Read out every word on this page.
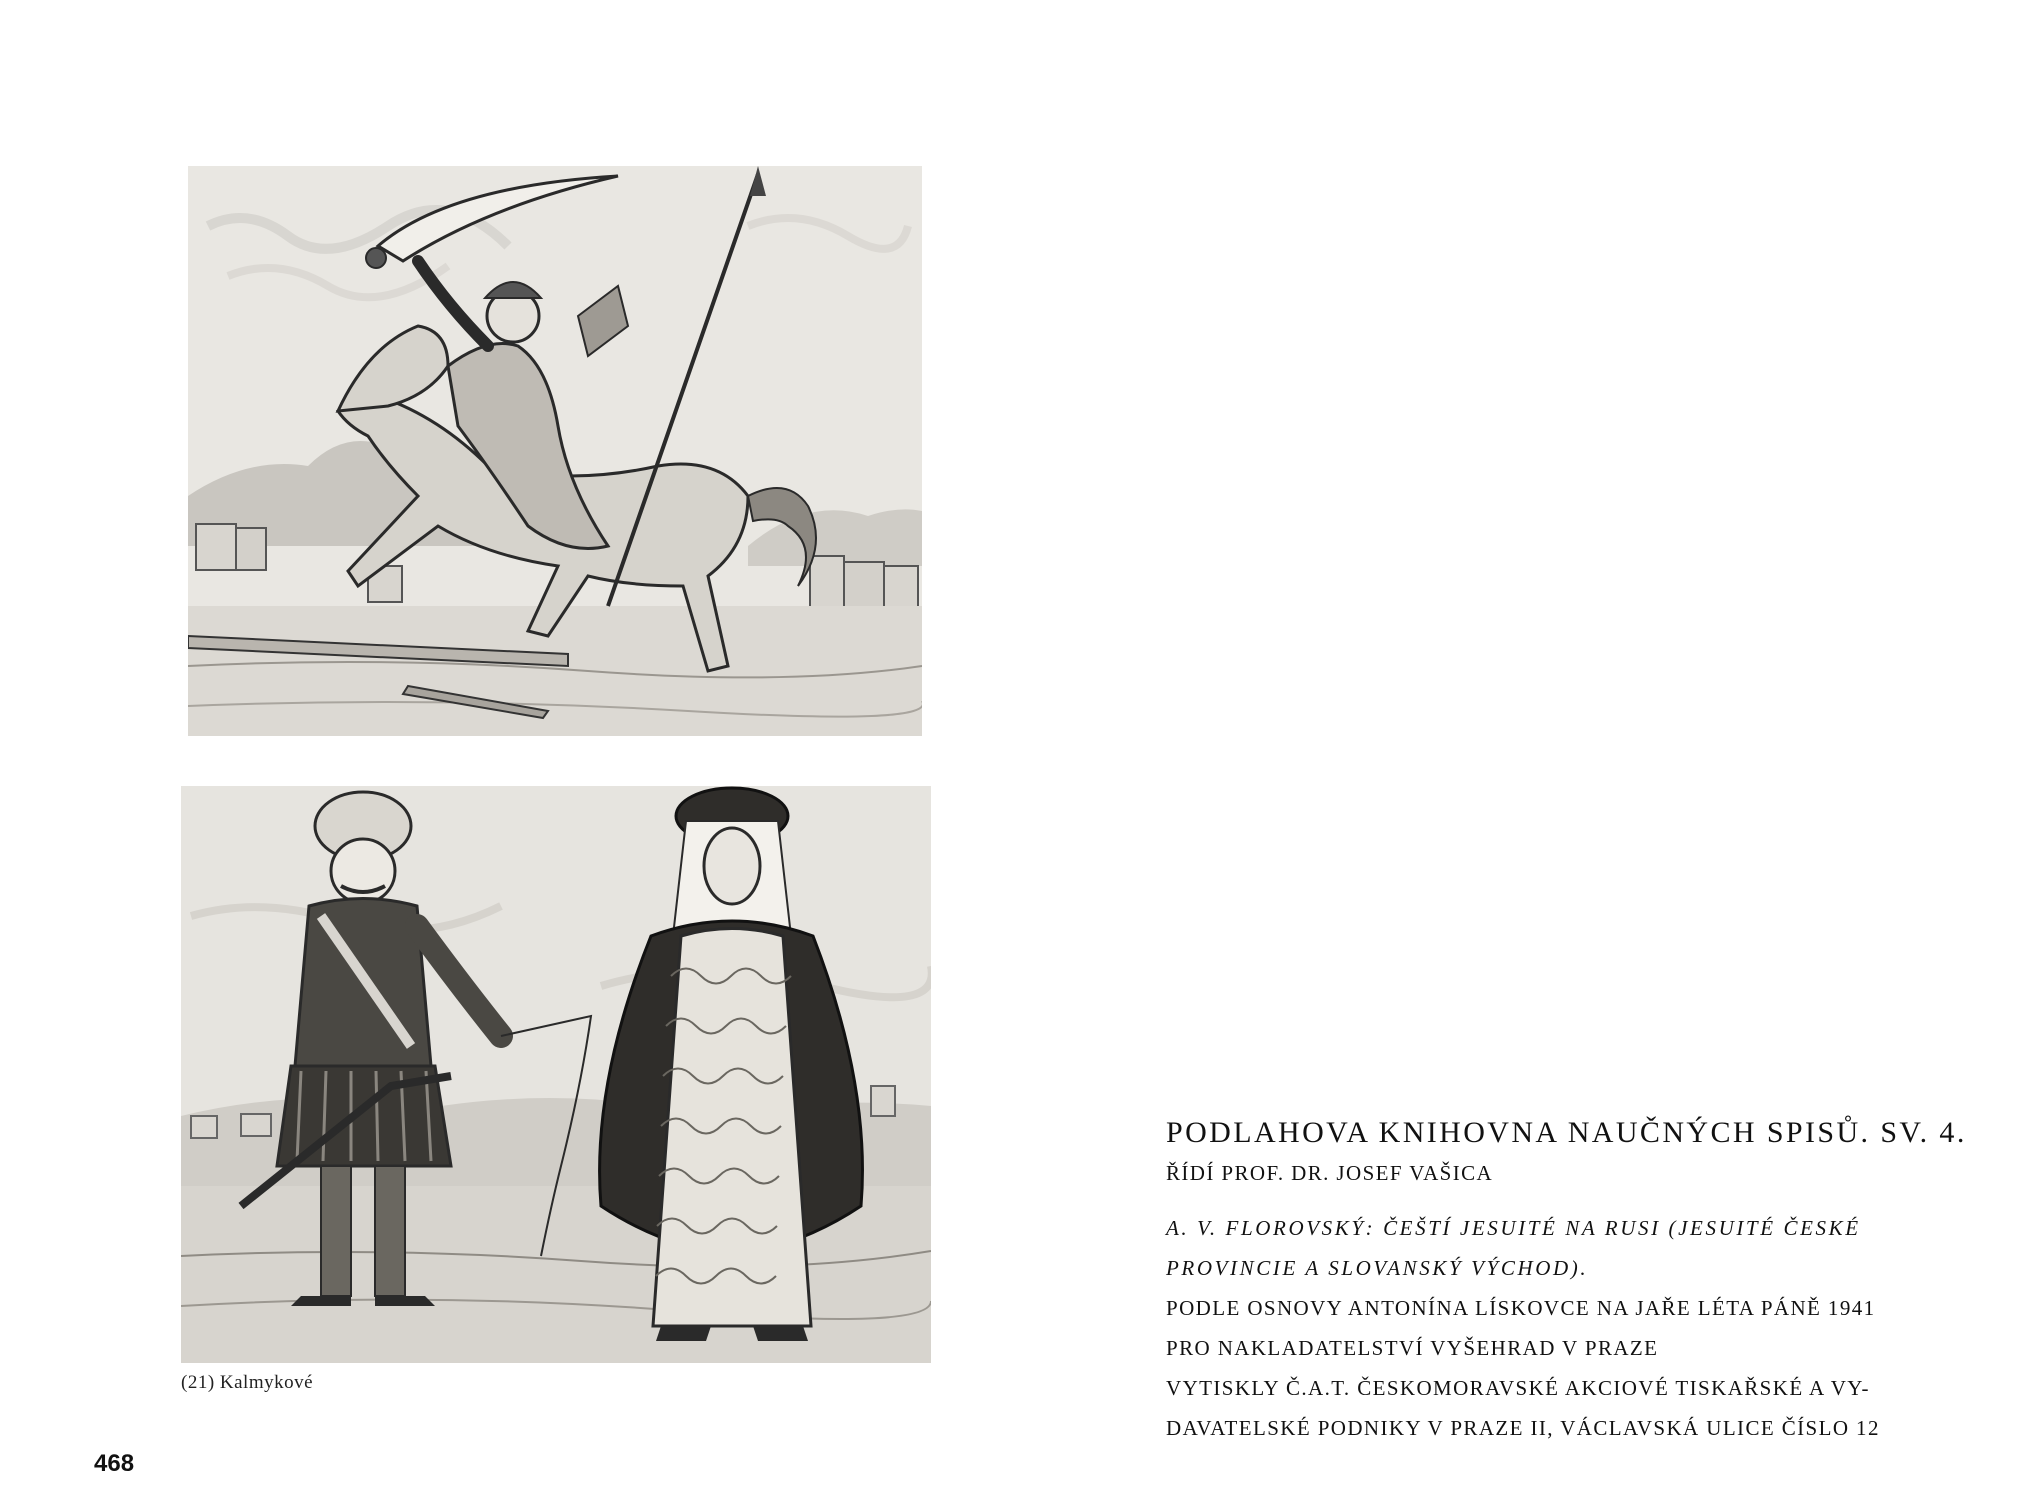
(21) Kalmykové
468
PODLAHOVA KNIHOVNA NAUČNÝCH SPISŮ. SV. 4.
ŘÍDÍ PROF. DR. JOSEF VAŠICA
A. V. FLOROVSKÝ: ČEŠTÍ JESUITÉ NA RUSI (JESUITÉ ČESKÉ
PROVINCIE A SLOVANSKÝ VÝCHOD).
PODLE OSNOVY ANTONÍNA LÍSKOVCE NA JAŘE LÉTA PÁNĚ 1941
PRO NAKLADATELSTVÍ VYŠEHRAD V PRAZE
VYTISKLY Č.A.T. ČESKOMORAVSKÉ AKCIOVÉ TISKAŘSKÉ A VY-
DAVATELSKÉ PODNIKY V PRAZE II, VÁCLAVSKÁ ULICE ČÍSLO 12
